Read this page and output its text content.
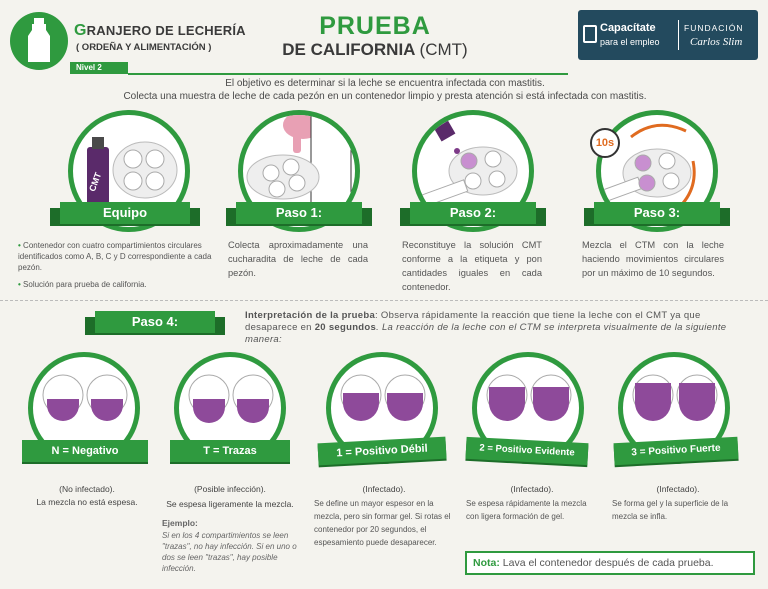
GRANJERO DE LECHERÍA
( ORDEÑA Y ALIMENTACIÓN )
Nivel 2
PRUEBA
DE CALIFORNIA (CMT)
Capacítate
para el empleo
FUNDACIÓN
Carlos Slim
El objetivo es determinar si la leche se encuentra infectada con mastitis.
Colecta una muestra de leche de cada pezón en un contenedor limpio y presta atención si está infectada con mastitis.
CMT
10s
Equipo	Paso 1:	Paso 2:	Paso 3:
• Contenedor con cuatro compartimientos circulares identificados como A, B, C y D correspondiente a cada pezón.
• Solución para prueba de california.
Colecta aproximadamente una cucharadita de leche de cada pezón.
Reconstituye la solución CMT conforme a la etiqueta y pon cantidades iguales en cada contenedor.
Mezcla el CTM con la leche haciendo movimientos circulares por un máximo de 10 segundos.
Paso 4:	Interpretación de la prueba: Observa rápidamente la reacción que tiene la leche con el CMT ya que desaparece en 20 segundos. La reacción de la leche con el CTM se interpreta visualmente de la siguiente manera:
N = Negativo	T = Trazas	1 = Positivo Débil	2 = Positivo Evidente	3 = Positivo Fuerte
(No infectado).
La mezcla no está espesa.
(Posible infección).
Se espesa ligeramente la mezcla.
Ejemplo:
Si en los 4 compartimientos se leen "trazas", no hay infección. Si en uno o dos se leen "trazas", hay posible infección.
(Infectado).
Se define un mayor espesor en la mezcla, pero sin formar gel. Si rotas el contenedor por 20 segundos, el espesamiento puede desaparecer.
(Infectado).
Se espesa rápidamente la mezcla con ligera formación de gel.
(Infectado).
Se forma gel y la superficie de la mezcla se infla.
Nota: Lava el contenedor después de cada prueba.
